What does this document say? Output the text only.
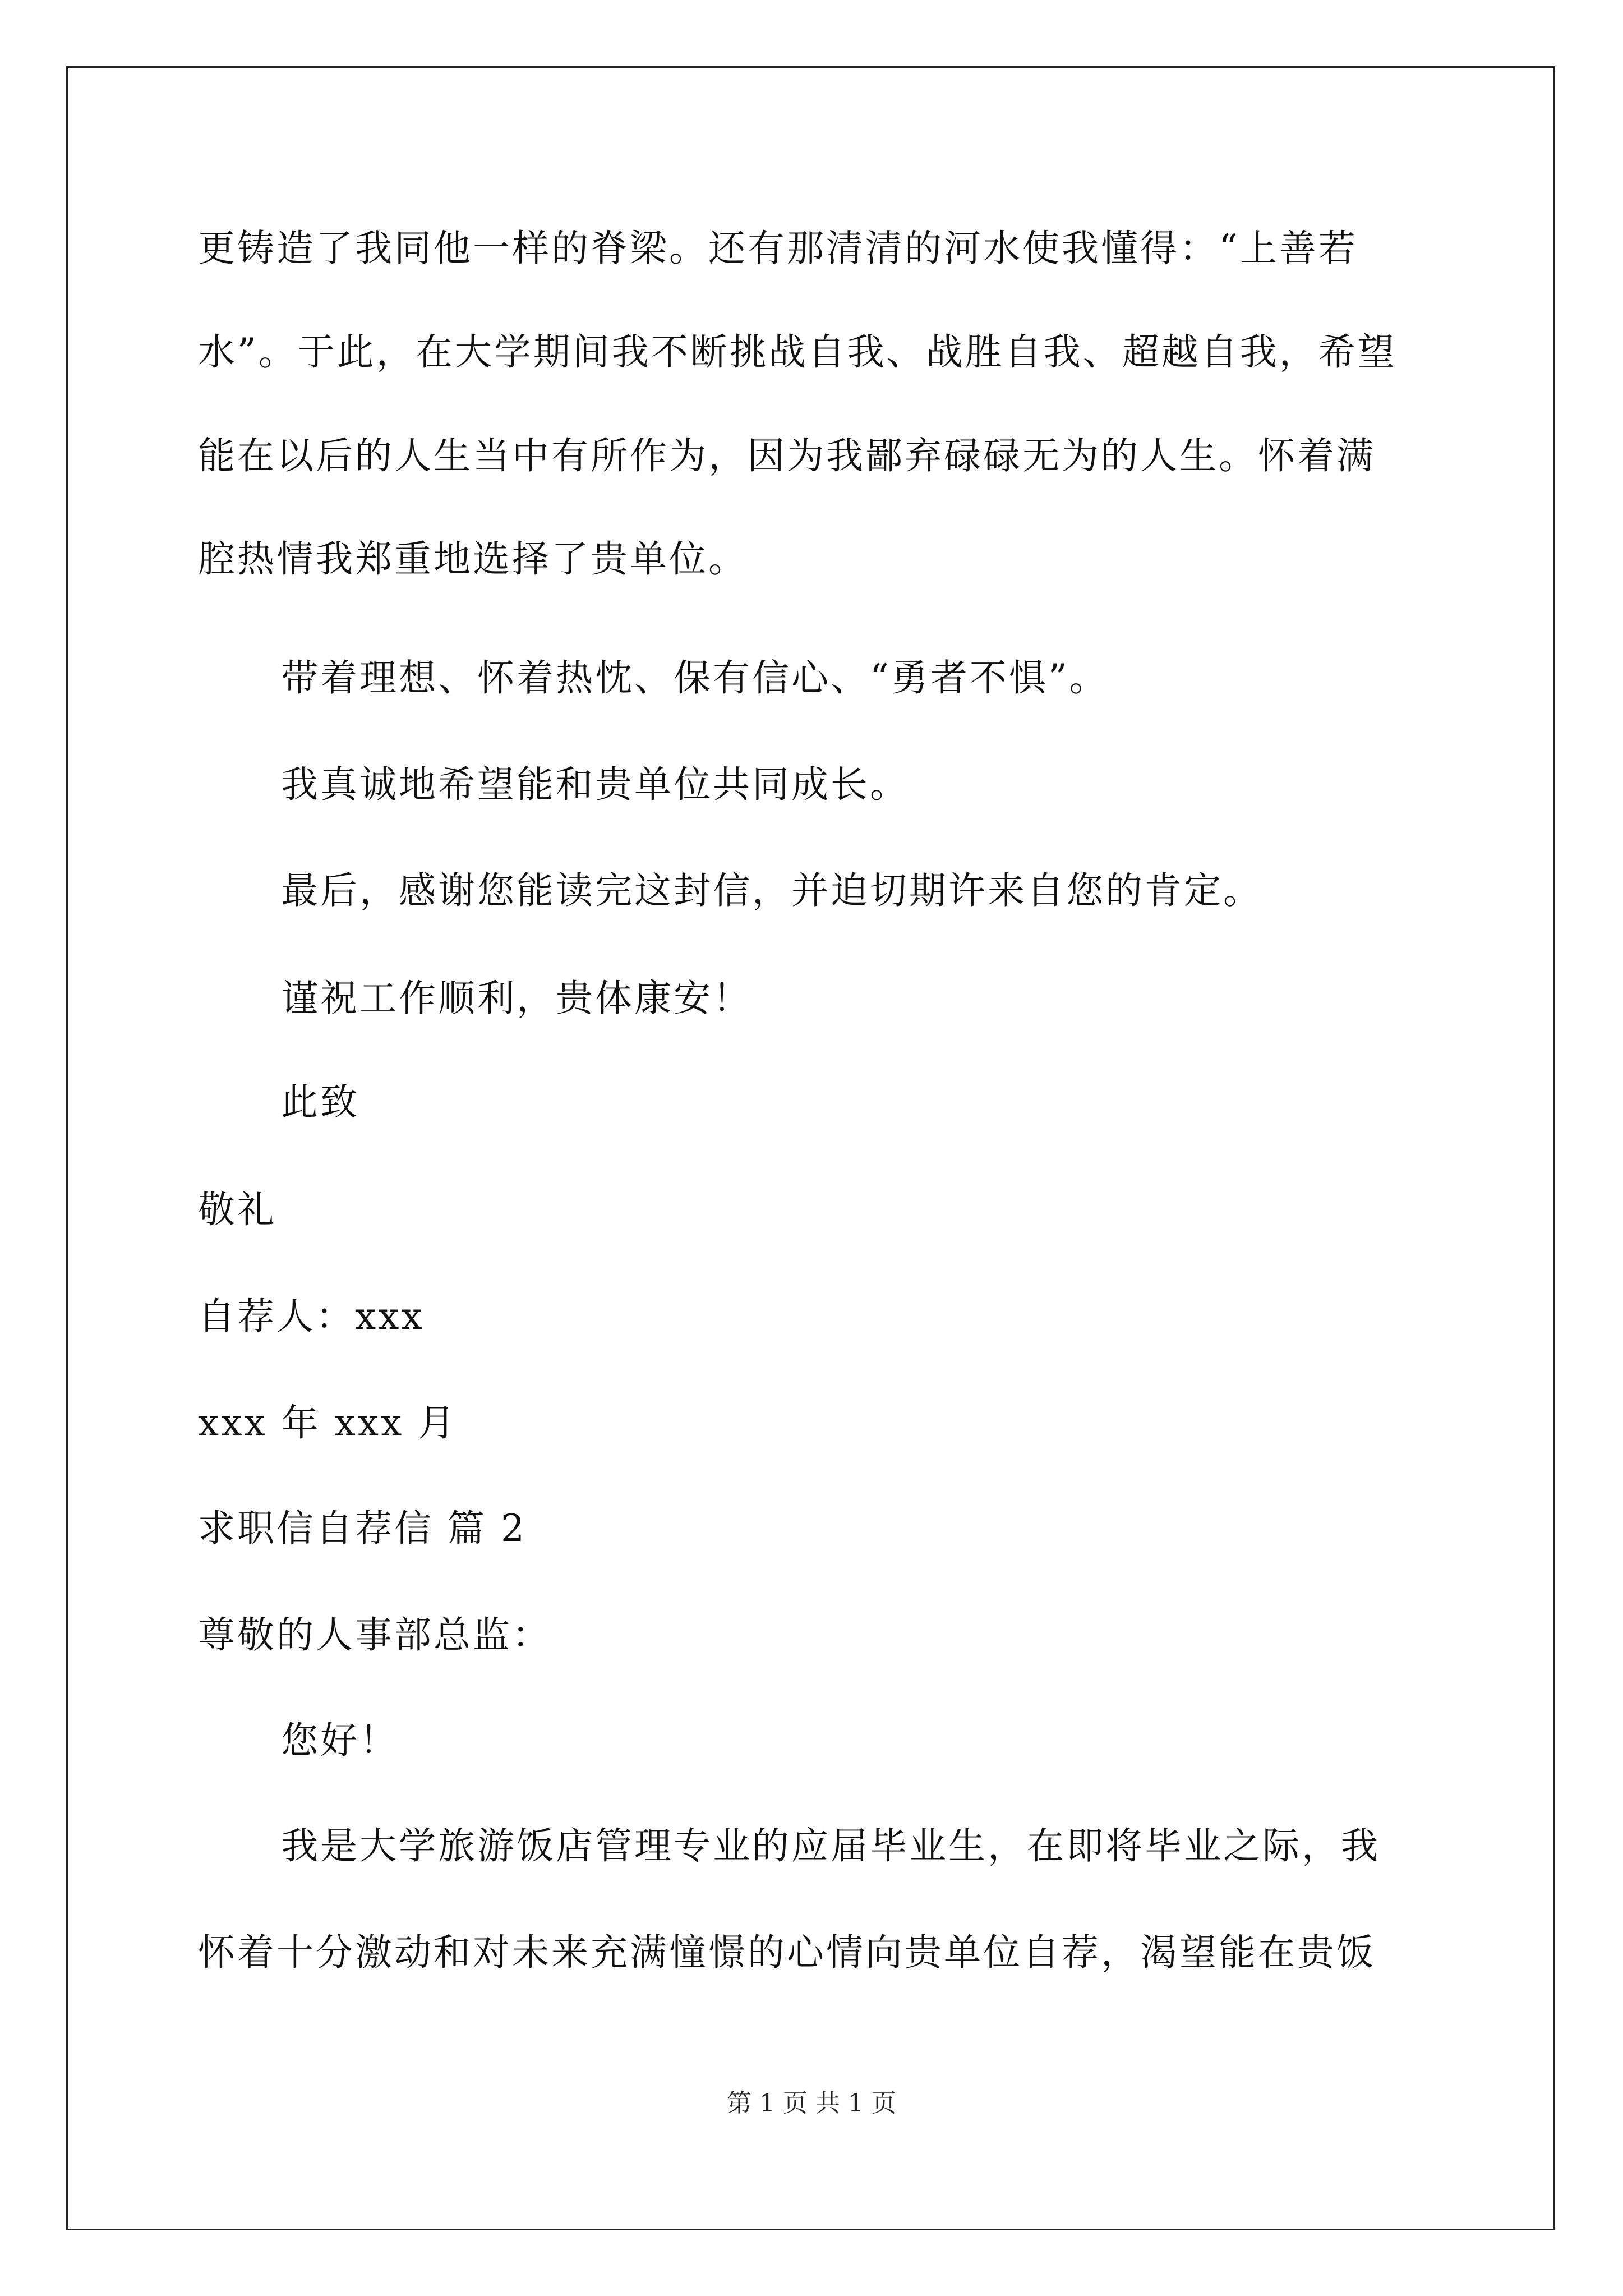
更铸造了我同他一样的脊梁。还有那清清的河水使我懂得：“上善若
水”。于此，在大学期间我不断挑战自我、战胜自我、超越自我，希望
能在以后的人生当中有所作为，因为我鄙弃碌碌无为的人生。怀着满
腔热情我郑重地选择了贵单位。
带着理想、怀着热忱、保有信心、“勇者不惧”。
我真诚地希望能和贵单位共同成长。
最后，感谢您能读完这封信，并迫切期许来自您的肯定。
谨祝工作顺利，贵体康安！
此致
敬礼
自荐人：xxx
xxx 年 xxx 月
求职信自荐信 篇 2
尊敬的人事部总监：
您好！
我是大学旅游饭店管理专业的应届毕业生，在即将毕业之际，我
怀着十分激动和对未来充满憧憬的心情向贵单位自荐，渴望能在贵饭
第 1 页 共 1 页
